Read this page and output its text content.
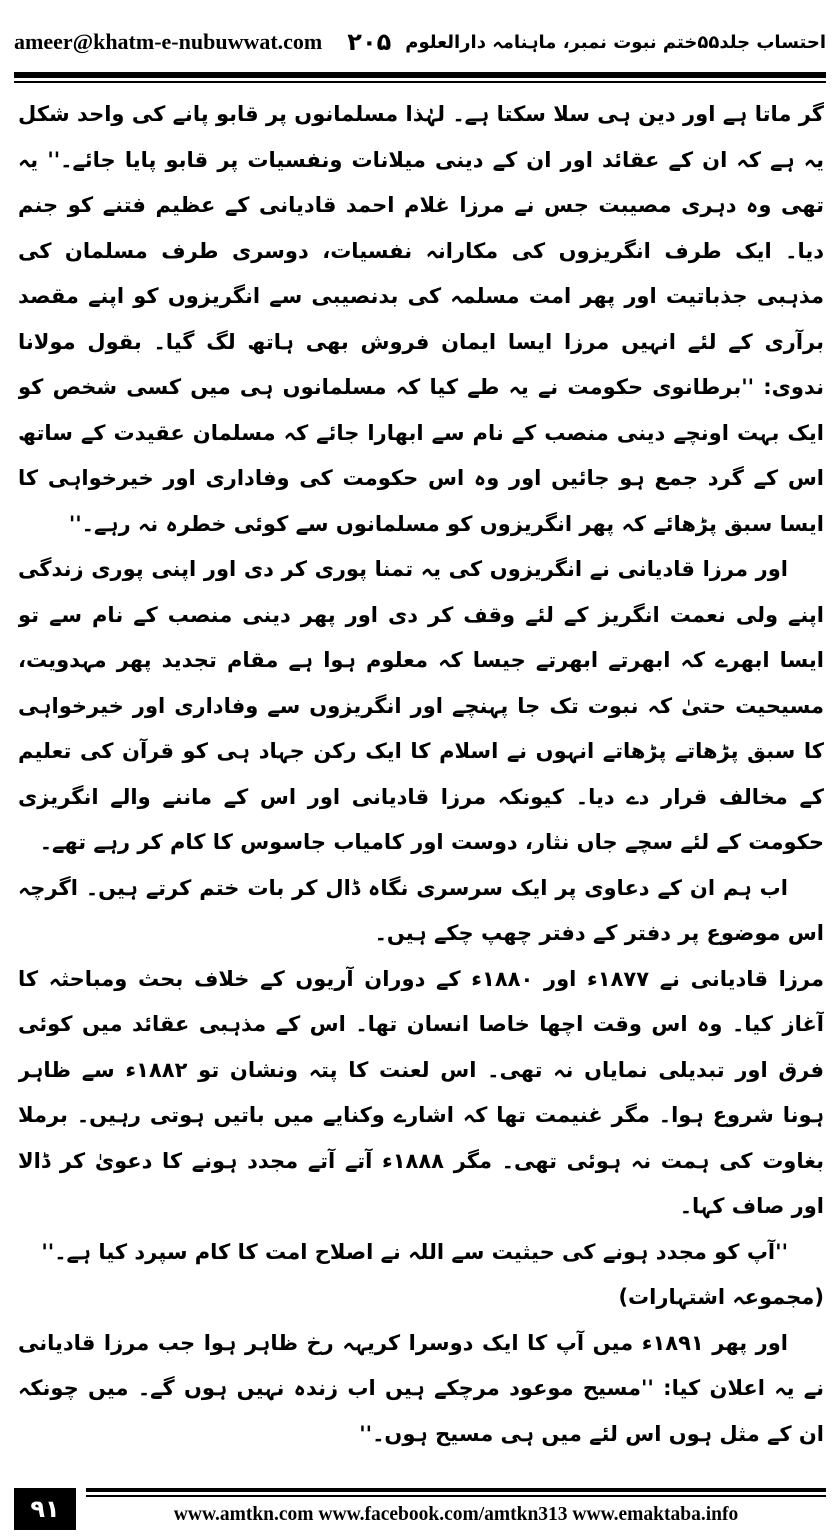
ameer@khatm-e-nubuwwat.com	احتساب جلد۵۵ختم نبوت نمبر، ماہنامہ دارالعلوم
۲۰۵

گر ماتا ہے اور دین ہی سلا سکتا ہے۔ لہٰذا مسلمانوں پر قابو پانے کی واحد شکل یہ ہے کہ ان کے عقائد اور ان کے دینی میلانات ونفسیات پر قابو پایا جائے۔'' یہ تھی وہ دہری مصیبت جس نے مرزا غلام احمد قادیانی کے عظیم فتنے کو جنم دیا۔ ایک طرف انگریزوں کی مکارانہ نفسیات، دوسری طرف مسلمان کی مذہبی جذباتیت اور پھر امت مسلمہ کی بدنصیبی سے انگریزوں کو اپنے مقصد برآری کے لئے انہیں مرزا ایسا ایمان فروش بھی ہاتھ لگ گیا۔ بقول مولانا ندوی: ''برطانوی حکومت نے یہ طے کیا کہ مسلمانوں ہی میں کسی شخص کو ایک بہت اونچے دینی منصب کے نام سے ابھارا جائے کہ مسلمان عقیدت کے ساتھ اس کے گرد جمع ہو جائیں اور وہ اس حکومت کی وفاداری اور خیرخواہی کا ایسا سبق پڑھائے کہ پھر انگریزوں کو مسلمانوں سے کوئی خطرہ نہ رہے۔''

اور مرزا قادیانی نے انگریزوں کی یہ تمنا پوری کر دی اور اپنی پوری زندگی اپنے ولی نعمت انگریز کے لئے وقف کر دی اور پھر دینی منصب کے نام سے تو ایسا ابھرے کہ ابھرتے ابھرتے جیسا کہ معلوم ہوا ہے مقام تجدید پھر مہدویت، مسیحیت حتیٰ کہ نبوت تک جا پہنچے اور انگریزوں سے وفاداری اور خیرخواہی کا سبق پڑھاتے پڑھاتے انہوں نے اسلام کا ایک رکن جہاد ہی کو قرآن کی تعلیم کے مخالف قرار دے دیا۔ کیونکہ مرزا قادیانی اور اس کے ماننے والے انگریزی حکومت کے لئے سچے جاں نثار، دوست اور کامیاب جاسوس کا کام کر رہے تھے۔

اب ہم ان کے دعاوی پر ایک سرسری نگاہ ڈال کر بات ختم کرتے ہیں۔ اگرچہ اس موضوع پر دفتر کے دفتر چھپ چکے ہیں۔

مرزا قادیانی نے ۱۸۷۷ء اور ۱۸۸۰ء کے دوران آریوں کے خلاف بحث ومباحثہ کا آغاز کیا۔ وہ اس وقت اچھا خاصا انسان تھا۔ اس کے مذہبی عقائد میں کوئی فرق اور تبدیلی نمایاں نہ تھی۔ اس لعنت کا پتہ ونشان تو ۱۸۸۲ء سے ظاہر ہونا شروع ہوا۔ مگر غنیمت تھا کہ اشارے وکنایے میں باتیں ہوتی رہیں۔ برملا بغاوت کی ہمت نہ ہوئی تھی۔ مگر ۱۸۸۸ء آتے آتے مجدد ہونے کا دعویٰ کر ڈالا اور صاف کہا۔

''آپ کو مجدد ہونے کی حیثیت سے اللہ نے اصلاح امت کا کام سپرد کیا ہے۔''

(مجموعہ اشتہارات)

اور پھر ۱۸۹۱ء میں آپ کا ایک دوسرا کریہہ رخ ظاہر ہوا جب مرزا قادیانی نے یہ اعلان کیا: ''مسیح موعود مرچکے ہیں اب زندہ نہیں ہوں گے۔ میں چونکہ ان کے مثل ہوں اس لئے میں ہی مسیح ہوں۔''

۹۱	www.amtkn.com www.facebook.com/amtkn313 www.emaktaba.info
